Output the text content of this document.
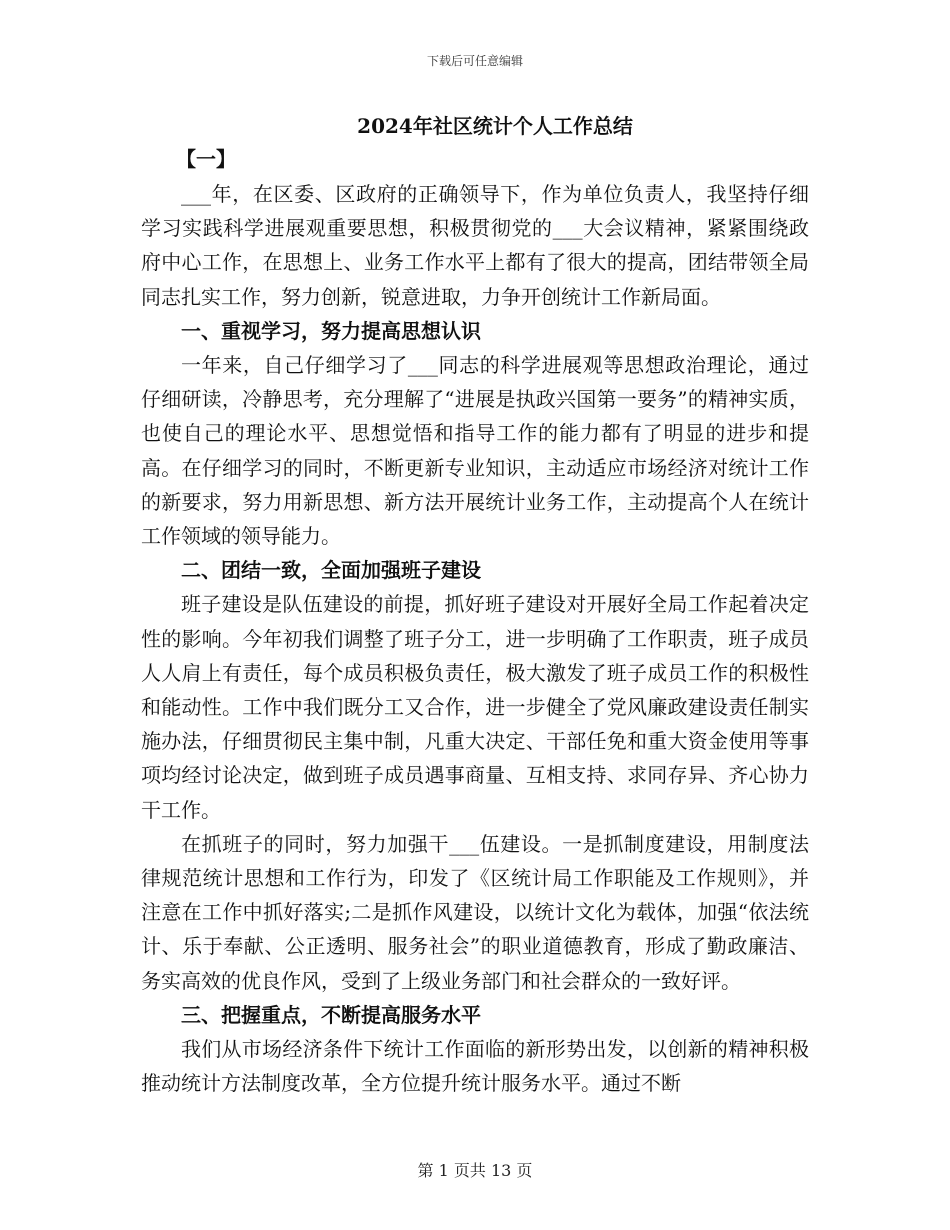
下载后可任意编辑
2024年社区统计个人工作总结
【一】

___年，在区委、区政府的正确领导下，作为单位负责人，我坚持仔细学习实践科学进展观重要思想，积极贯彻党的___大会议精神，紧紧围绕政府中心工作，在思想上、业务工作水平上都有了很大的提高，团结带领全局同志扎实工作，努力创新，锐意进取，力争开创统计工作新局面。

一、重视学习，努力提高思想认识

一年来，自己仔细学习了___同志的科学进展观等思想政治理论，通过仔细研读，冷静思考，充分理解了“进展是执政兴国第一要务”的精神实质，也使自己的理论水平、思想觉悟和指导工作的能力都有了明显的进步和提高。在仔细学习的同时，不断更新专业知识，主动适应市场经济对统计工作的新要求，努力用新思想、新方法开展统计业务工作，主动提高个人在统计工作领域的领导能力。

二、团结一致，全面加强班子建设

班子建设是队伍建设的前提，抓好班子建设对开展好全局工作起着决定性的影响。今年初我们调整了班子分工，进一步明确了工作职责，班子成员人人肩上有责任，每个成员积极负责任，极大激发了班子成员工作的积极性和能动性。工作中我们既分工又合作，进一步健全了党风廉政建设责任制实施办法，仔细贯彻民主集中制，凡重大决定、干部任免和重大资金使用等事项均经讨论决定，做到班子成员遇事商量、互相支持、求同存异、齐心协力干工作。

在抓班子的同时，努力加强干___伍建设。一是抓制度建设，用制度法律规范统计思想和工作行为，印发了《区统计局工作职能及工作规则》，并注意在工作中抓好落实;二是抓作风建设，以统计文化为载体，加强“依法统计、乐于奉献、公正透明、服务社会”的职业道德教育，形成了勤政廉洁、务实高效的优良作风，受到了上级业务部门和社会群众的一致好评。

三、把握重点，不断提高服务水平

我们从市场经济条件下统计工作面临的新形势出发，以创新的精神积极推动统计方法制度改革，全方位提升统计服务水平。通过不断

第 1 页共 13 页
